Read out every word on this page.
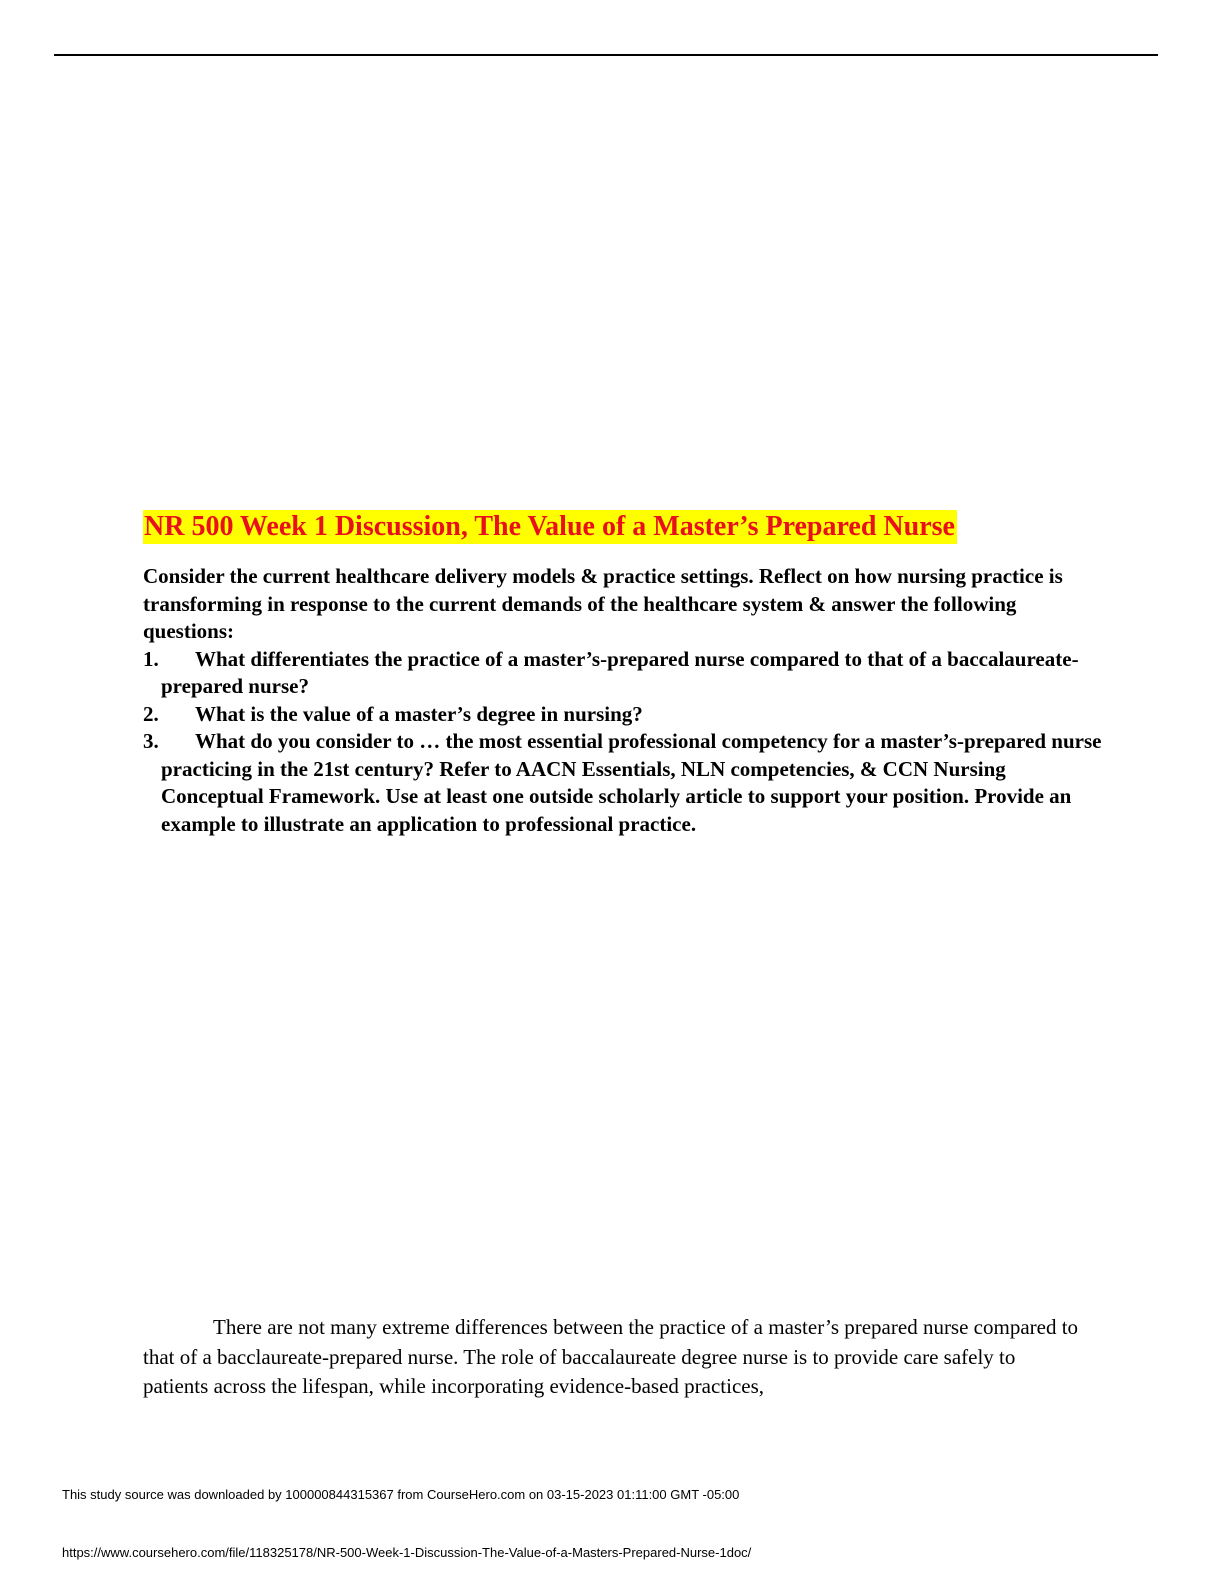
NR 500 Week 1 Discussion, The Value of a Master’s Prepared Nurse

Consider the current healthcare delivery models & practice settings. Reflect on how nursing practice is transforming in response to the current demands of the healthcare system & answer the following questions:

1. What differentiates the practice of a master’s-prepared nurse compared to that of a baccalaureate-prepared nurse?
2. What is the value of a master’s degree in nursing?
3. What do you consider to … the most essential professional competency for a master’s-prepared nurse practicing in the 21st century? Refer to AACN Essentials, NLN competencies, & CCN Nursing Conceptual Framework. Use at least one outside scholarly article to support your position. Provide an example to illustrate an application to professional practice.

There are not many extreme differences between the practice of a master’s prepared nurse compared to that of a bacclaureate-prepared nurse. The role of baccalaureate degree nurse is to provide care safely to patients across the lifespan, while incorporating evidence-based practices,

This study source was downloaded by 100000844315367 from CourseHero.com on 03-15-2023 01:11:00 GMT -05:00

https://www.coursehero.com/file/118325178/NR-500-Week-1-Discussion-The-Value-of-a-Masters-Prepared-Nurse-1doc/
